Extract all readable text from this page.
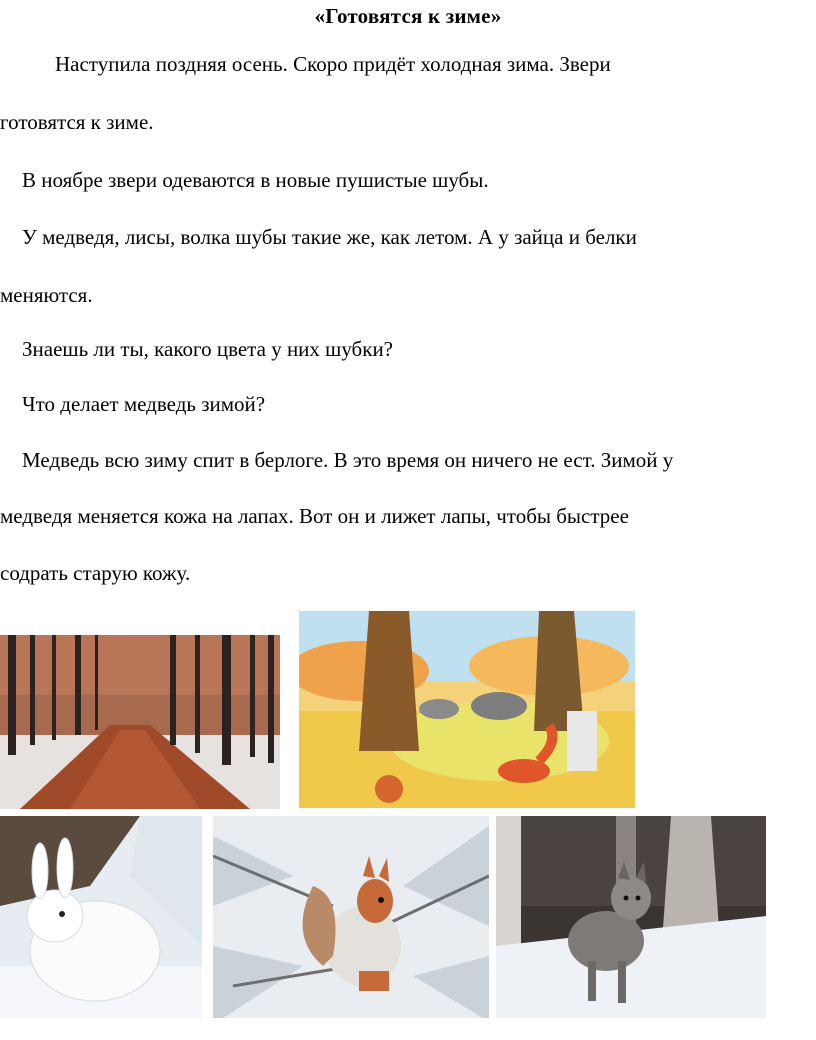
«Готовятся к зиме»
Наступила поздняя осень. Скоро придёт холодная зима. Звери
готовятся к зиме.
В ноябре звери одеваются в новые пушистые шубы.
У медведя, лисы, волка шубы такие же, как летом. А у зайца и белки
меняются.
Знаешь ли ты, какого цвета у них шубки?
Что делает медведь зимой?
Медведь всю зиму спит в берлоге. В это время он ничего не ест. Зимой у
медведя меняется кожа на лапах. Вот он и лижет лапы, чтобы быстрее
содрать старую кожу.
